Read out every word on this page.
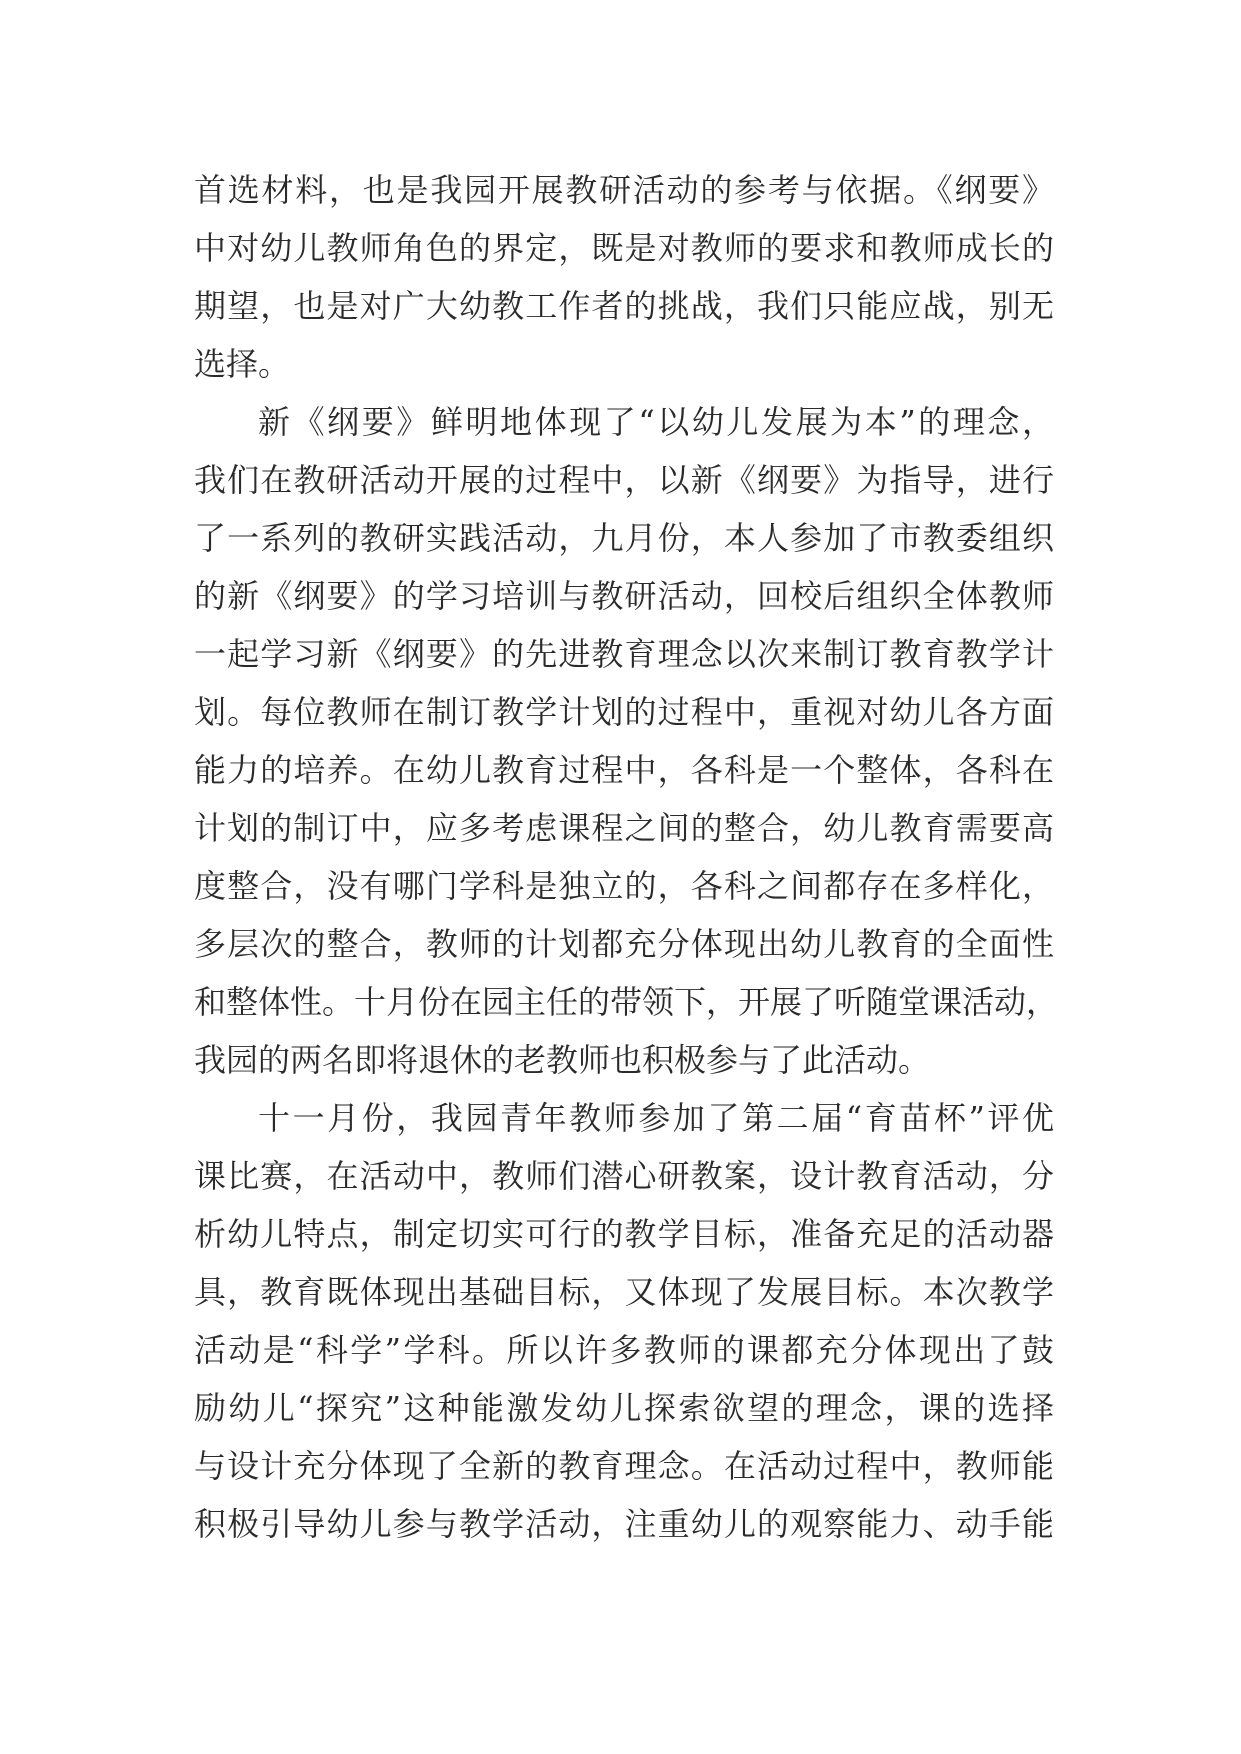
首选材料，也是我园开展教研活动的参考与依据。《纲要》
中对幼儿教师角色的界定，既是对教师的要求和教师成长的
期望，也是对广大幼教工作者的挑战，我们只能应战，别无
选择。
新《纲要》鲜明地体现了“以幼儿发展为本”的理念，
我们在教研活动开展的过程中，以新《纲要》为指导，进行
了一系列的教研实践活动，九月份，本人参加了市教委组织
的新《纲要》的学习培训与教研活动，回校后组织全体教师
一起学习新《纲要》的先进教育理念以次来制订教育教学计
划。每位教师在制订教学计划的过程中，重视对幼儿各方面
能力的培养。在幼儿教育过程中，各科是一个整体，各科在
计划的制订中，应多考虑课程之间的整合，幼儿教育需要高
度整合，没有哪门学科是独立的，各科之间都存在多样化，
多层次的整合，教师的计划都充分体现出幼儿教育的全面性
和整体性。十月份在园主任的带领下，开展了听随堂课活动，
我园的两名即将退休的老教师也积极参与了此活动。
十一月份，我园青年教师参加了第二届“育苗杯”评优
课比赛，在活动中，教师们潜心研教案，设计教育活动，分
析幼儿特点，制定切实可行的教学目标，准备充足的活动器
具，教育既体现出基础目标，又体现了发展目标。本次教学
活动是“科学”学科。所以许多教师的课都充分体现出了鼓
励幼儿“探究”这种能激发幼儿探索欲望的理念，课的选择
与设计充分体现了全新的教育理念。在活动过程中，教师能
积极引导幼儿参与教学活动，注重幼儿的观察能力、动手能
